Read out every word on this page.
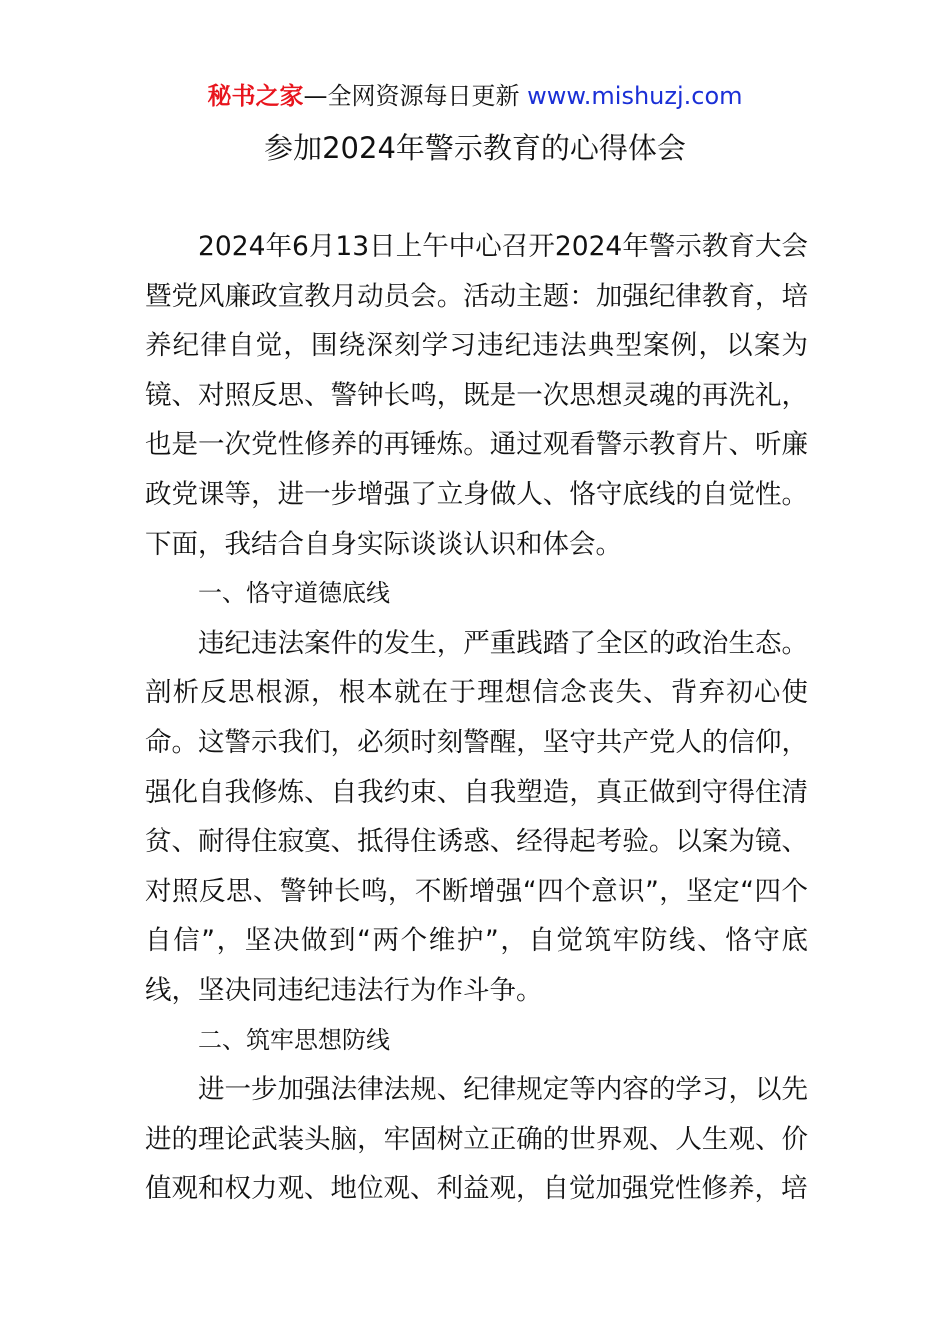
秘书之家—全网资源每日更新 www.mishuzj.com
参加2024年警示教育的心得体会

2024年6月13日上午中心召开2024年警示教育大会暨党风廉政宣教月动员会。活动主题：加强纪律教育，培养纪律自觉，围绕深刻学习违纪违法典型案例，以案为镜、对照反思、警钟长鸣，既是一次思想灵魂的再洗礼，也是一次党性修养的再锤炼。通过观看警示教育片、听廉政党课等，进一步增强了立身做人、恪守底线的自觉性。下面，我结合自身实际谈谈认识和体会。

一、恪守道德底线

违纪违法案件的发生，严重践踏了全区的政治生态。剖析反思根源，根本就在于理想信念丧失、背弃初心使命。这警示我们，必须时刻警醒，坚守共产党人的信仰，强化自我修炼、自我约束、自我塑造，真正做到守得住清贫、耐得住寂寞、抵得住诱惑、经得起考验。以案为镜、对照反思、警钟长鸣，不断增强“四个意识”，坚定“四个自信”，坚决做到“两个维护”，自觉筑牢防线、恪守底线，坚决同违纪违法行为作斗争。

二、筑牢思想防线

进一步加强法律法规、纪律规定等内容的学习，以先进的理论武装头脑，牢固树立正确的世界观、人生观、价值观和权力观、地位观、利益观，自觉加强党性修养，培
